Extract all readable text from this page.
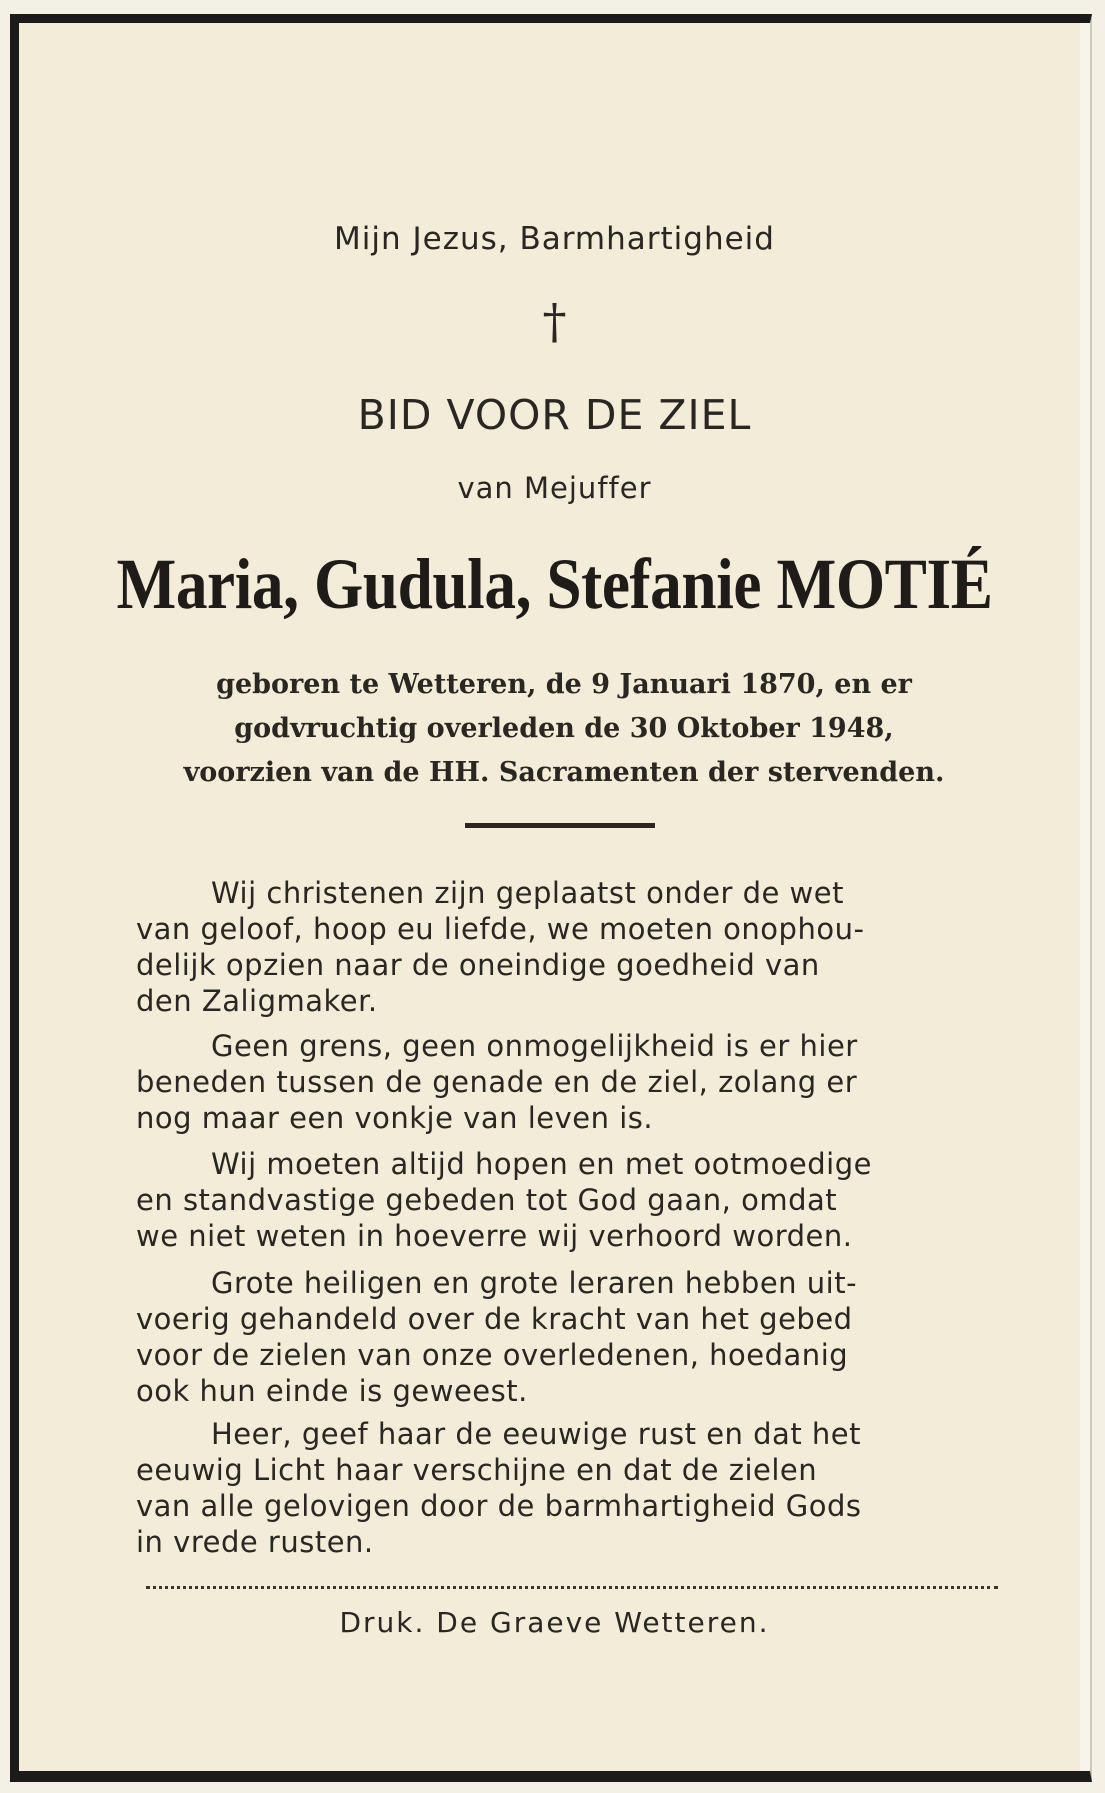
Mijn Jezus, Barmhartigheid
†
BID VOOR DE ZIEL
van Mejuffer
Maria, Gudula, Stefanie MOTIÉ
geboren te Wetteren, de 9 Januari 1870, en er
godvruchtig overleden de 30 Oktober 1948,
voorzien van de HH. Sacramenten der stervenden.
Wij christenen zijn geplaatst onder de wet
van geloof, hoop eu liefde, we moeten onophou-
delijk opzien naar de oneindige goedheid van
den Zaligmaker.
Geen grens, geen onmogelijkheid is er hier
beneden tussen de genade en de ziel, zolang er
nog maar een vonkje van leven is.
Wij moeten altijd hopen en met ootmoedige
en standvastige gebeden tot God gaan, omdat
we niet weten in hoeverre wij verhoord worden.
Grote heiligen en grote leraren hebben uit-
voerig gehandeld over de kracht van het gebed
voor de zielen van onze overledenen, hoedanig
ook hun einde is geweest.
Heer, geef haar de eeuwige rust en dat het
eeuwig Licht haar verschijne en dat de zielen
van alle gelovigen door de barmhartigheid Gods
in vrede rusten.
Druk. De Graeve Wetteren.
